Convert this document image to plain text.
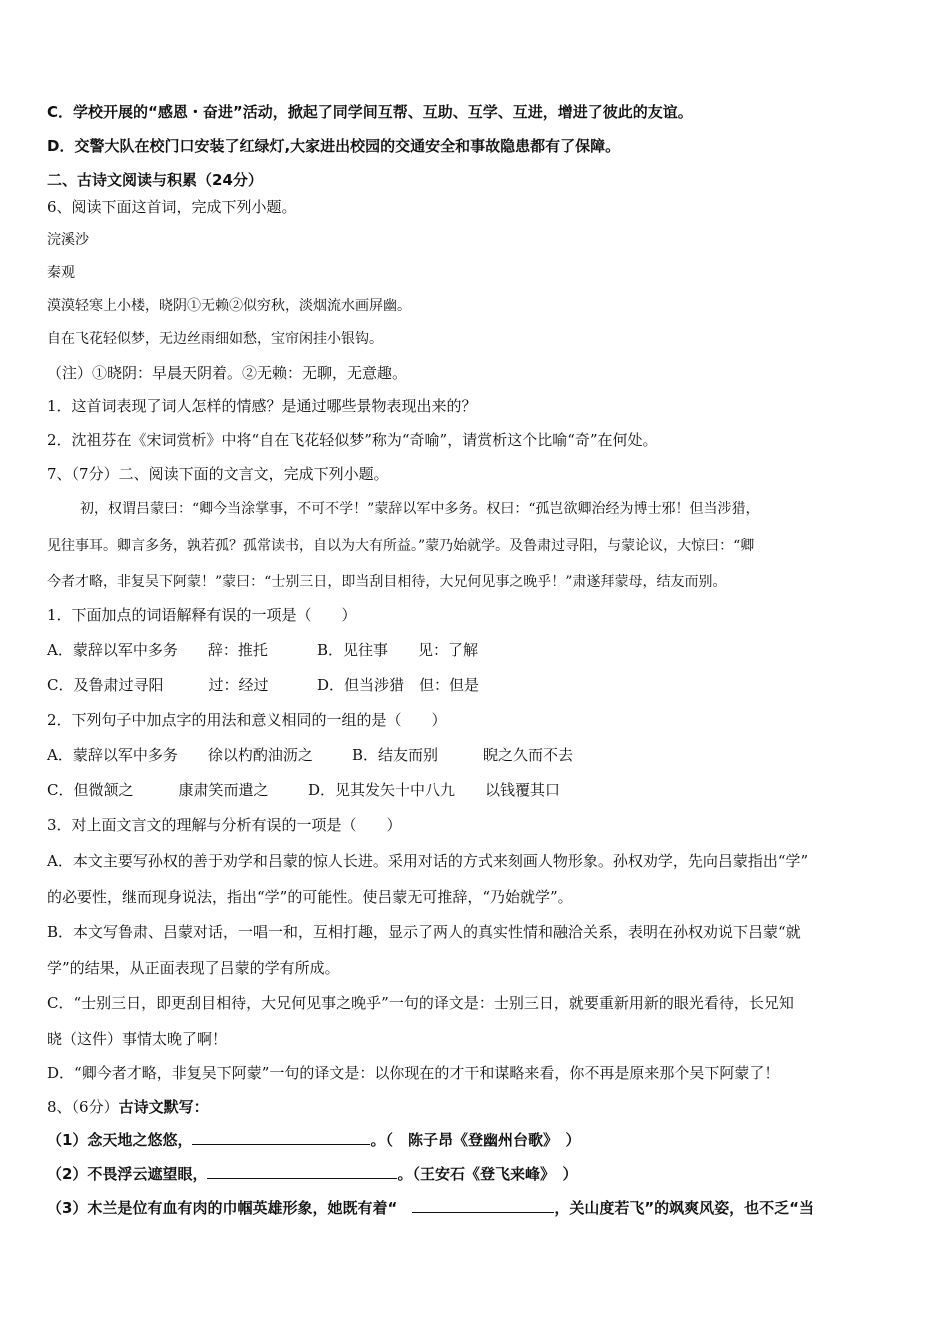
C．学校开展的“感恩・奋进”活动，掀起了同学间互帮、互助、互学、互进，增进了彼此的友谊。
D．交警大队在校门口安装了红绿灯,大家进出校园的交通安全和事故隐患都有了保障。
二、古诗文阅读与积累（24分）
6、阅读下面这首词，完成下列小题。
浣溪沙
秦观
漠漠轻寒上小楼，晓阴①无赖②似穷秋，淡烟流水画屏幽。
自在飞花轻似梦，无边丝雨细如愁，宝帘闲挂小银钩。
（注）①晓阴：早晨天阴着。②无赖：无聊，无意趣。
1．这首词表现了词人怎样的情感？是通过哪些景物表现出来的？
2．沈祖芬在《宋词赏析》中将“自在飞花轻似梦”称为“奇喻”，请赏析这个比喻“奇”在何处。
7、（7分）二、阅读下面的文言文，完成下列小题。
初，权谓吕蒙曰：“卿今当涂掌事，不可不学！”蒙辞以军中多务。权曰：“孤岂欲卿治经为博士邪！但当涉猎，
见往事耳。卿言多务，孰若孤？孤常读书，自以为大有所益。”蒙乃始就学。及鲁肃过寻阳，与蒙论议，大惊曰：“卿
今者才略，非复吴下阿蒙！”蒙曰：“士别三日，即当刮目相待，大兄何见事之晚乎！”肃遂拜蒙母，结友而别。
1．下面加点的词语解释有误的一项是（　　）
A．蒙辞以军中多务　　辞：推托	B．见往事　　见：了解
C．及鲁肃过寻阳　　　过：经过	D．但当涉猎　但：但是
2．下列句子中加点字的用法和意义相同的一组的是（　　）
A．蒙辞以军中多务　　徐以杓酌油沥之	B．结友而别　　　睨之久而不去
C．但微颔之　　　康肃笑而遣之	D．见其发矢十中八九　　以钱覆其口
3．对上面文言文的理解与分析有误的一项是（　　）
A．本文主要写孙权的善于劝学和吕蒙的惊人长进。采用对话的方式来刻画人物形象。孙权劝学，先向吕蒙指出“学”
的必要性，继而现身说法，指出“学”的可能性。使吕蒙无可推辞，“乃始就学”。
B．本文写鲁肃、吕蒙对话，一唱一和，互相打趣，显示了两人的真实性情和融洽关系，表明在孙权劝说下吕蒙“就
学”的结果，从正面表现了吕蒙的学有所成。
C．“士别三日，即更刮目相待，大兄何见事之晚乎”一句的译文是：士别三日，就要重新用新的眼光看待，长兄知
晓（这件）事情太晚了啊！
D．“卿今者才略，非复吴下阿蒙”一句的译文是：以你现在的才干和谋略来看，你不再是原来那个吴下阿蒙了！
8、（6分）古诗文默写：
（1）念天地之悠悠，	。（　陈子昂《登幽州台歌》　）
（2）不畏浮云遮望眼，	。（王安石《登飞来峰》　）
（3）木兰是位有血有肉的巾帼英雄形象，她既有着“　	，关山度若飞”的飒爽风姿，也不乏“当
